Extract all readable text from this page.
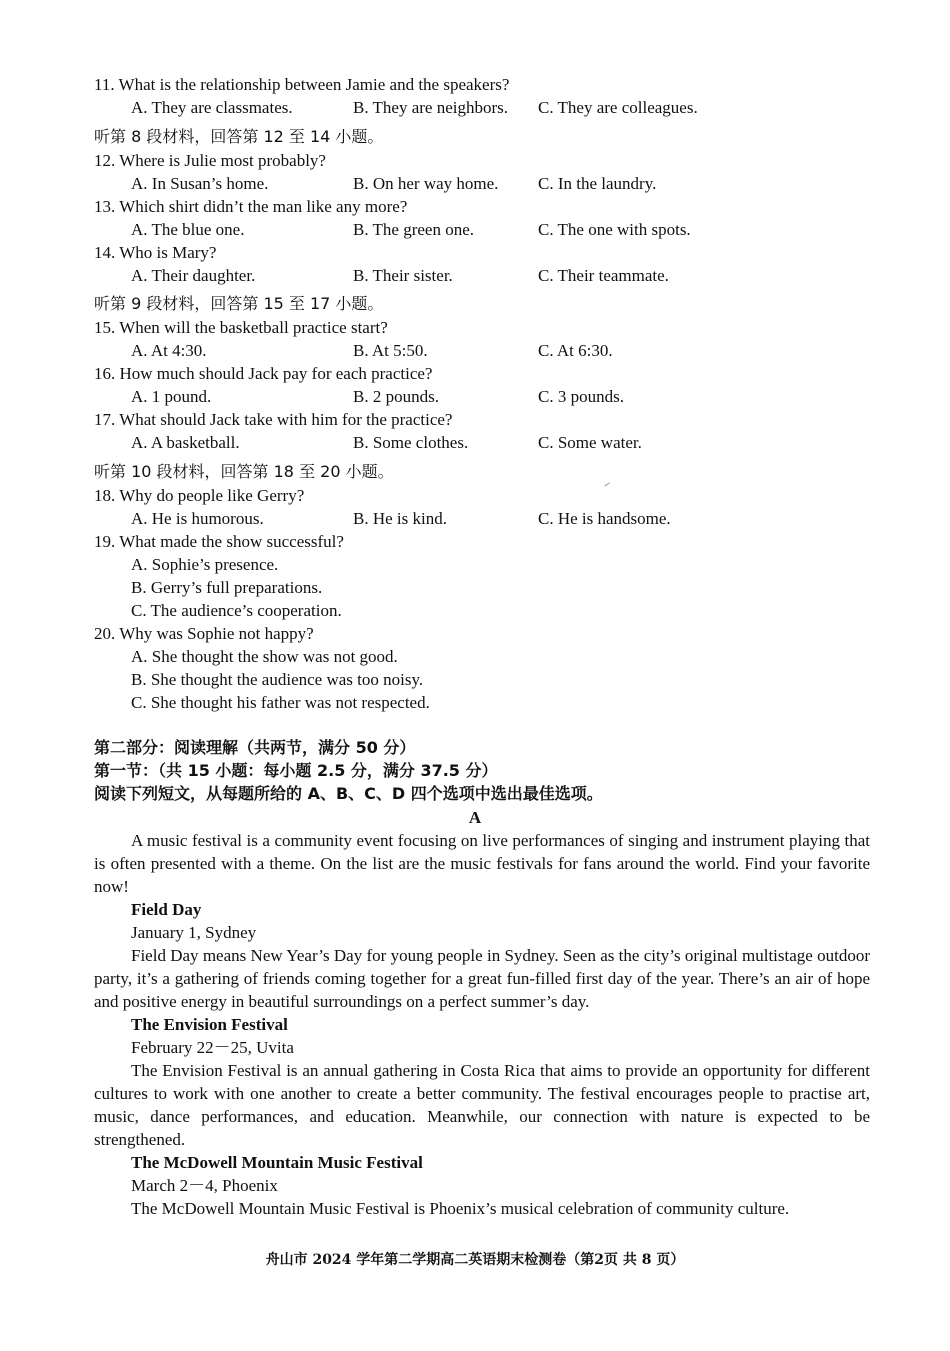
11. What is the relationship between Jamie and the speakers?
A. They are classmates.	B. They are neighbors. C. They are colleagues.
听第 8 段材料，回答第 12 至 14 小题。
12. Where is Julie most probably?
A. In Susan’s home.	B. On her way home. C. In the laundry.
13. Which shirt didn’t the man like any more?
A. The blue one.	B. The green one.	C. The one with spots.
14. Who is Mary?
A. Their daughter.	B. Their sister.	C. Their teammate.
听第 9 段材料，回答第 15 至 17 小题。
15. When will the basketball practice start?
A. At 4:30.	B. At 5:50.	C. At 6:30.
16. How much should Jack pay for each practice?
A. 1 pound.	B. 2 pounds.	C. 3 pounds.
17. What should Jack take with him for the practice?
A. A basketball.	B. Some clothes.	C. Some water.
听第 10 段材料，回答第 18 至 20 小题。
18. Why do people like Gerry?
A. He is humorous.	B. He is kind.	C. He is handsome.
19. What made the show successful?
A. Sophie’s presence.
B. Gerry’s full preparations.
C. The audience’s cooperation.
20. Why was Sophie not happy?
A. She thought the show was not good.
B. She thought the audience was too noisy.
C. She thought his father was not respected.
第二部分：阅读理解（共两节，满分 50 分）
第一节：（共 15 小题：每小题 2.5 分，满分 37.5 分）
阅读下列短文，从每题所给的 A、B、C、D 四个选项中选出最佳选项。
A
A music festival is a community event focusing on live performances of singing and instrument playing that is often presented with a theme. On the list are the music festivals for fans around the world. Find your favorite now!
Field Day
January 1, Sydney
Field Day means New Year’s Day for young people in Sydney. Seen as the city’s original multistage outdoor party, it’s a gathering of friends coming together for a great fun-filled first day of the year. There’s an air of hope and positive energy in beautiful surroundings on a perfect summer’s day.
The Envision Festival
February 22－25, Uvita
The Envision Festival is an annual gathering in Costa Rica that aims to provide an opportunity for different cultures to work with one another to create a better community. The festival encourages people to practise art, music, dance performances, and education. Meanwhile, our connection with nature is expected to be strengthened.
The McDowell Mountain Music Festival
March 2－4, Phoenix
The McDowell Mountain Music Festival is Phoenix’s musical celebration of community culture.
舟山市 2024 学年第二学期高二英语期末检测卷（第2页 共 8 页）
